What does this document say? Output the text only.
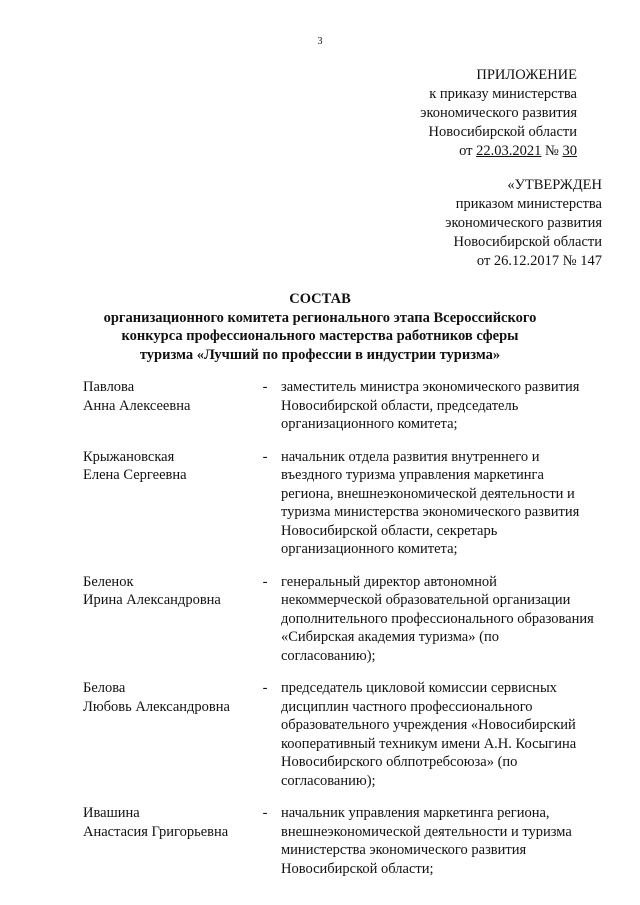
3
ПРИЛОЖЕНИЕ
к приказу министерства
экономического развития
Новосибирской области
от 22.03.2021 № 30
«УТВЕРЖДЕН
приказом министерства
экономического развития
Новосибирской области
от 26.12.2017 № 147
СОСТАВ
организационного комитета регионального этапа Всероссийского
конкурса профессионального мастерства работников сферы
туризма «Лучший по профессии в индустрии туризма»
Павлова
Анна Алексеевна
- заместитель министра экономического развития
Новосибирской области, председатель
организационного комитета;
Крыжановская
Елена Сергеевна
- начальник отдела развития внутреннего и
въездного туризма управления маркетинга
региона, внешнеэкономической деятельности и
туризма министерства экономического развития
Новосибирской области, секретарь
организационного комитета;
Беленок
Ирина Александровна
- генеральный директор автономной
некоммерческой образовательной организации
дополнительного профессионального образования
«Сибирская академия туризма» (по
согласованию);
Белова
Любовь Александровна
- председатель цикловой комиссии сервисных
дисциплин частного профессионального
образовательного учреждения «Новосибирский
кооперативный техникум имени А.Н. Косыгина
Новосибирского облпотребсоюза» (по
согласованию);
Ивашина
Анастасия Григорьевна
- начальник управления маркетинга региона,
внешнеэкономической деятельности и туризма
министерства экономического развития
Новосибирской области;
